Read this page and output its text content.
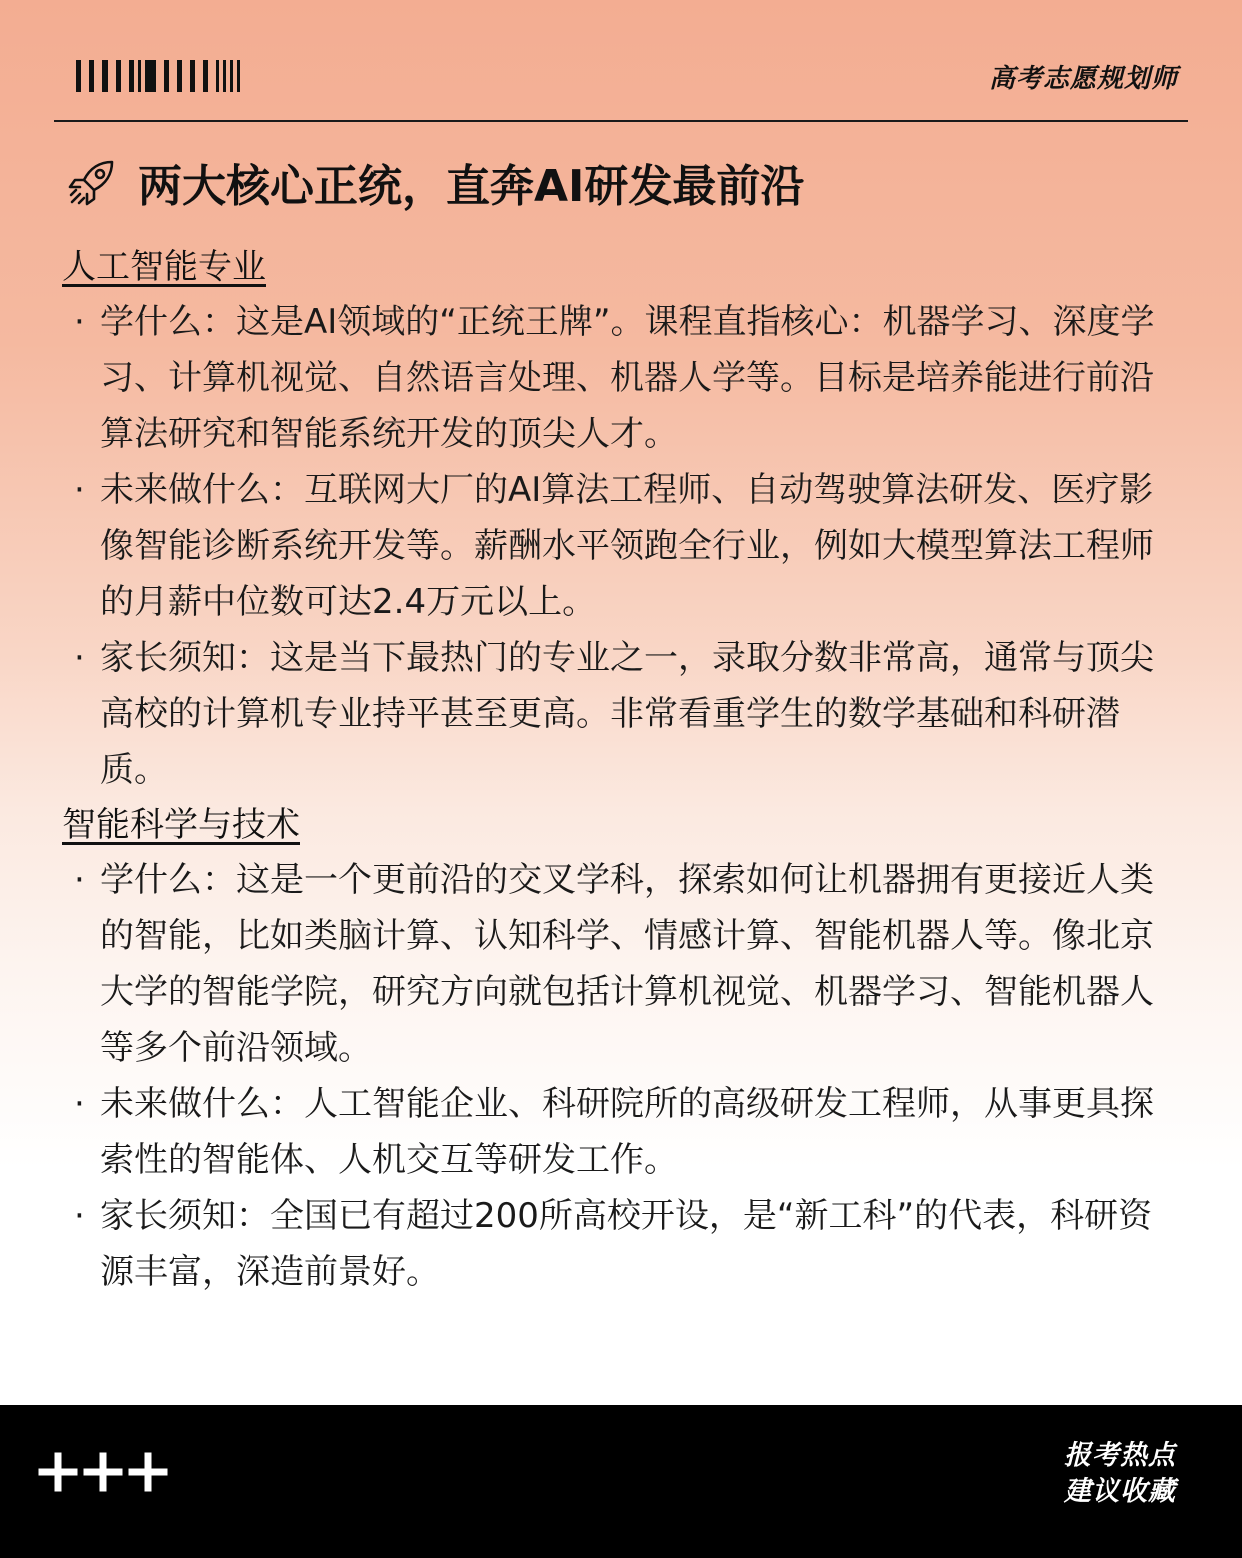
高考志愿规划师
两大核心正统，直奔AI研发最前沿

人工智能专业

· 学什么：这是AI领域的“正统王牌”。课程直指核心：机器学习、深度学习、计算机视觉、自然语言处理、机器人学等。目标是培养能进行前沿算法研究和智能系统开发的顶尖人才。
· 未来做什么：互联网大厂的AI算法工程师、自动驾驶算法研发、医疗影像智能诊断系统开发等。薪酬水平领跑全行业，例如大模型算法工程师的月薪中位数可达2.4万元以上。
· 家长须知：这是当下最热门的专业之一，录取分数非常高，通常与顶尖高校的计算机专业持平甚至更高。非常看重学生的数学基础和科研潜质。

智能科学与技术

· 学什么：这是一个更前沿的交叉学科，探索如何让机器拥有更接近人类的智能，比如类脑计算、认知科学、情感计算、智能机器人等。像北京大学的智能学院，研究方向就包括计算机视觉、机器学习、智能机器人等多个前沿领域。
· 未来做什么：人工智能企业、科研院所的高级研发工程师，从事更具探索性的智能体、人机交互等研发工作。
· 家长须知：全国已有超过200所高校开设，是“新工科”的代表，科研资源丰富，深造前景好。
报考热点
建议收藏
